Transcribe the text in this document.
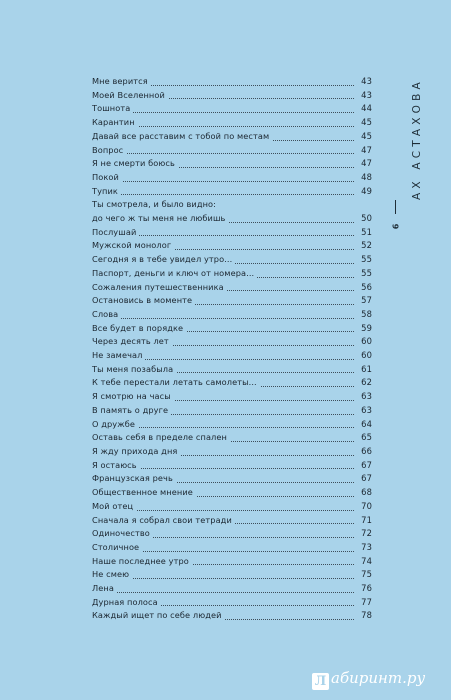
Мне верится	43
Моей Вселенной	43
Тошнота	44
Карантин	45
Давай все расставим с тобой по местам	45
Вопрос	47
Я не смерти боюсь	47
Покой	48
Тупик	49
Ты смотрела, и было видно:
до чего ж ты меня не любишь	50
Послушай	51
Мужской монолог	52
Сегодня я в тебе увидел утро...	55
Паспорт, деньги и ключ от номера...	55
Сожаления путешественника	56
Остановись в моменте	57
Слова	58
Все будет в порядке	59
Через десять лет	60
Не замечал	60
Ты меня позабыла	61
К тебе перестали летать самолеты...	62
Я смотрю на часы	63
В память о друге	63
О дружбе	64
Оставь себя в пределе спален	65
Я жду прихода дня	66
Я остаюсь	67
Французская речь	67
Общественное мнение	68
Мой отец	70
Сначала я собрал свои тетради	71
Одиночество	72
Столичное	73
Наше последнее утро	74
Не смею	75
Лена	76
Дурная полоса	77
Каждый ищет по себе людей	78
АХ АСТАХОВА
6
Л абиринт.ру
